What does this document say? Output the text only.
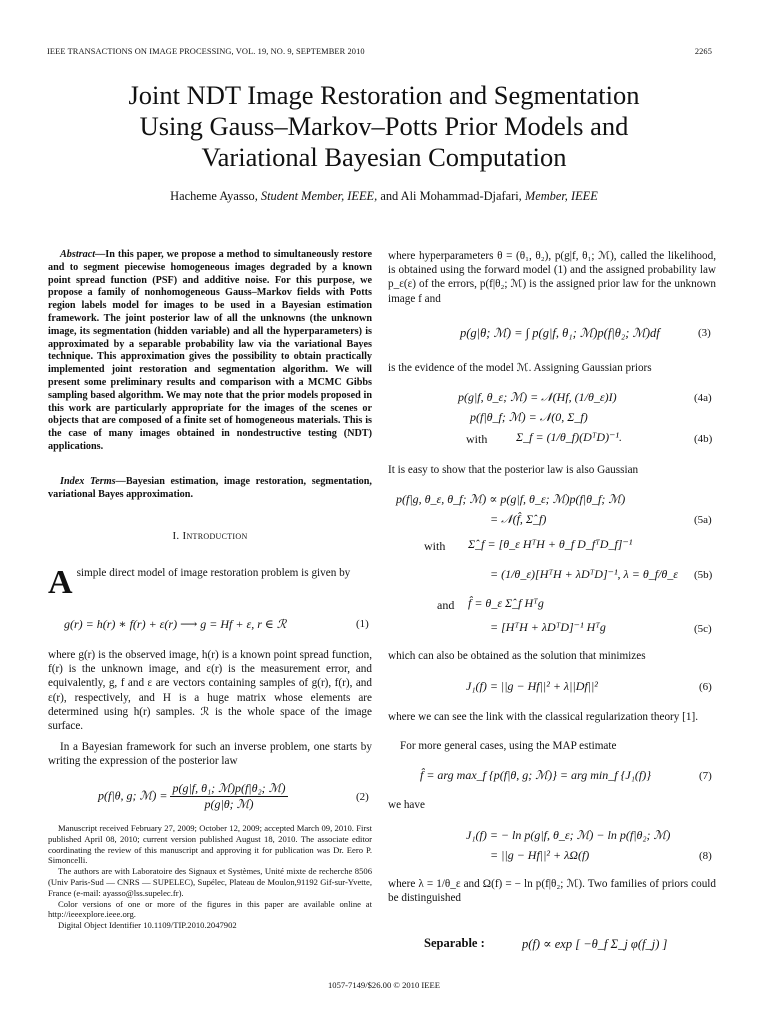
IEEE TRANSACTIONS ON IMAGE PROCESSING, VOL. 19, NO. 9, SEPTEMBER 2010	2265
Joint NDT Image Restoration and Segmentation
Using Gauss–Markov–Potts Prior Models and
Variational Bayesian Computation
Hacheme Ayasso, Student Member, IEEE, and Ali Mohammad-Djafari, Member, IEEE
Abstract—In this paper, we propose a method to simultaneously restore and to segment piecewise homogeneous images degraded by a known point spread function (PSF) and additive noise. For this purpose, we propose a family of nonhomogeneous Gauss–Markov fields with Potts region labels model for images to be used in a Bayesian estimation framework. The joint posterior law of all the unknowns (the unknown image, its segmentation (hidden variable) and all the hyperparameters) is approximated by a separable probability law via the variational Bayes technique. This approximation gives the possibility to obtain practically implemented joint restoration and segmentation algorithm. We will present some preliminary results and comparison with a MCMC Gibbs sampling based algorithm. We may note that the prior models proposed in this work are particularly appropriate for the images of the scenes or objects that are composed of a finite set of homogeneous materials. This is the case of many images obtained in nondestructive testing (NDT) applications.
Index Terms—Bayesian estimation, image restoration, segmentation, variational Bayes approximation.
I. Introduction
A simple direct model of image restoration problem is given by
g(r) = h(r) ∗ f(r) + ε(r) ⟶ g = Hf + ε, r ∈ ℛ	(1)
where g(r) is the observed image, h(r) is a known point spread function, f(r) is the unknown image, and ε(r) is the measurement error, and equivalently, g, f and ε are vectors containing samples of g(r), f(r), and ε(r), respectively, and H is a huge matrix whose elements are determined using h(r) samples. ℛ is the whole space of the image surface.
In a Bayesian framework for such an inverse problem, one starts by writing the expression of the posterior law
p(f|θ, g; ℳ) = $\frac{\text{p(g|f, θ₁; ℳ)p(f|θ₂; ℳ)}}{\text{p(g|θ; ℳ)}}$	(2)

Manuscript received February 27, 2009; October 12, 2009; accepted March 09, 2010. First published April 08, 2010; current version published August 18, 2010. The associate editor coordinating the review of this manuscript and approving it for publication was Dr. Eero P. Simoncelli.

The authors are with Laboratoire des Signaux et Systèmes, Unité mixte de recherche 8506 (Univ Paris-Sud — CNRS — SUPELEC), Supélec, Plateau de Moulon,91192 Gif-sur-Yvette, France (e-mail: ayasso@lss.supelec.fr).

Color versions of one or more of the figures in this paper are available online at http://ieeexplore.ieee.org.

Digital Object Identifier 10.1109/TIP.2010.2047902

where hyperparameters θ = (θ₁, θ₂), p(g|f, θ₁; ℳ), called the likelihood, is obtained using the forward model (1) and the assigned probability law p_ε(ε) of the errors, p(f|θ₂; ℳ) is the assigned prior law for the unknown image f and
p(g|θ; ℳ) = ∫ p(g|f, θ₁; ℳ)p(f|θ₂; ℳ)df	(3)
is the evidence of the model ℳ. Assigning Gaussian priors
p(g|f, θ_ε; ℳ) = 𝒩(Hf, (1/θ_ε)I)	(4a)
p(f|θ_f; ℳ) = 𝒩(0, Σ_f)
with Σ_f = (1/θ_f)(DᵀD)⁻¹.	(4b)
It is easy to show that the posterior law is also Gaussian
p(f|g, θ_ε, θ_f; ℳ) ∝ p(g|f, θ_ε; ℳ)p(f|θ_f; ℳ)
= 𝒩(f̂, Σ̂_f)	(5a)
with Σ̂_f = [θ_ε HᵀH + θ_f D_fᵀD_f]⁻¹
= (1/θ_ε)[HᵀH + λDᵀD]⁻¹, λ = θ_f/θ_ε (5b)
and f̂ = θ_ε Σ̂_f Hᵀg
= [HᵀH + λDᵀD]⁻¹ Hᵀg	(5c)
which can also be obtained as the solution that minimizes
J₁(f) = ||g − Hf||² + λ||Df||²	(6)
where we can see the link with the classical regularization theory [1].
For more general cases, using the MAP estimate
f̂ = arg max_f {p(f|θ, g; ℳ)} = arg min_f {J₁(f)}	(7)
we have
J₁(f) = − ln p(g|f, θ_ε; ℳ) − ln p(f|θ₂; ℳ)
= ||g − Hf||² + λΩ(f)	(8)
where λ = 1/θ_ε and Ω(f) = − ln p(f|θ₂; ℳ). Two families of priors could be distinguished
Separable :	p(f) ∝ exp [ −θ_f Σ_j φ(f_j) ]
1057-7149/$26.00 © 2010 IEEE
